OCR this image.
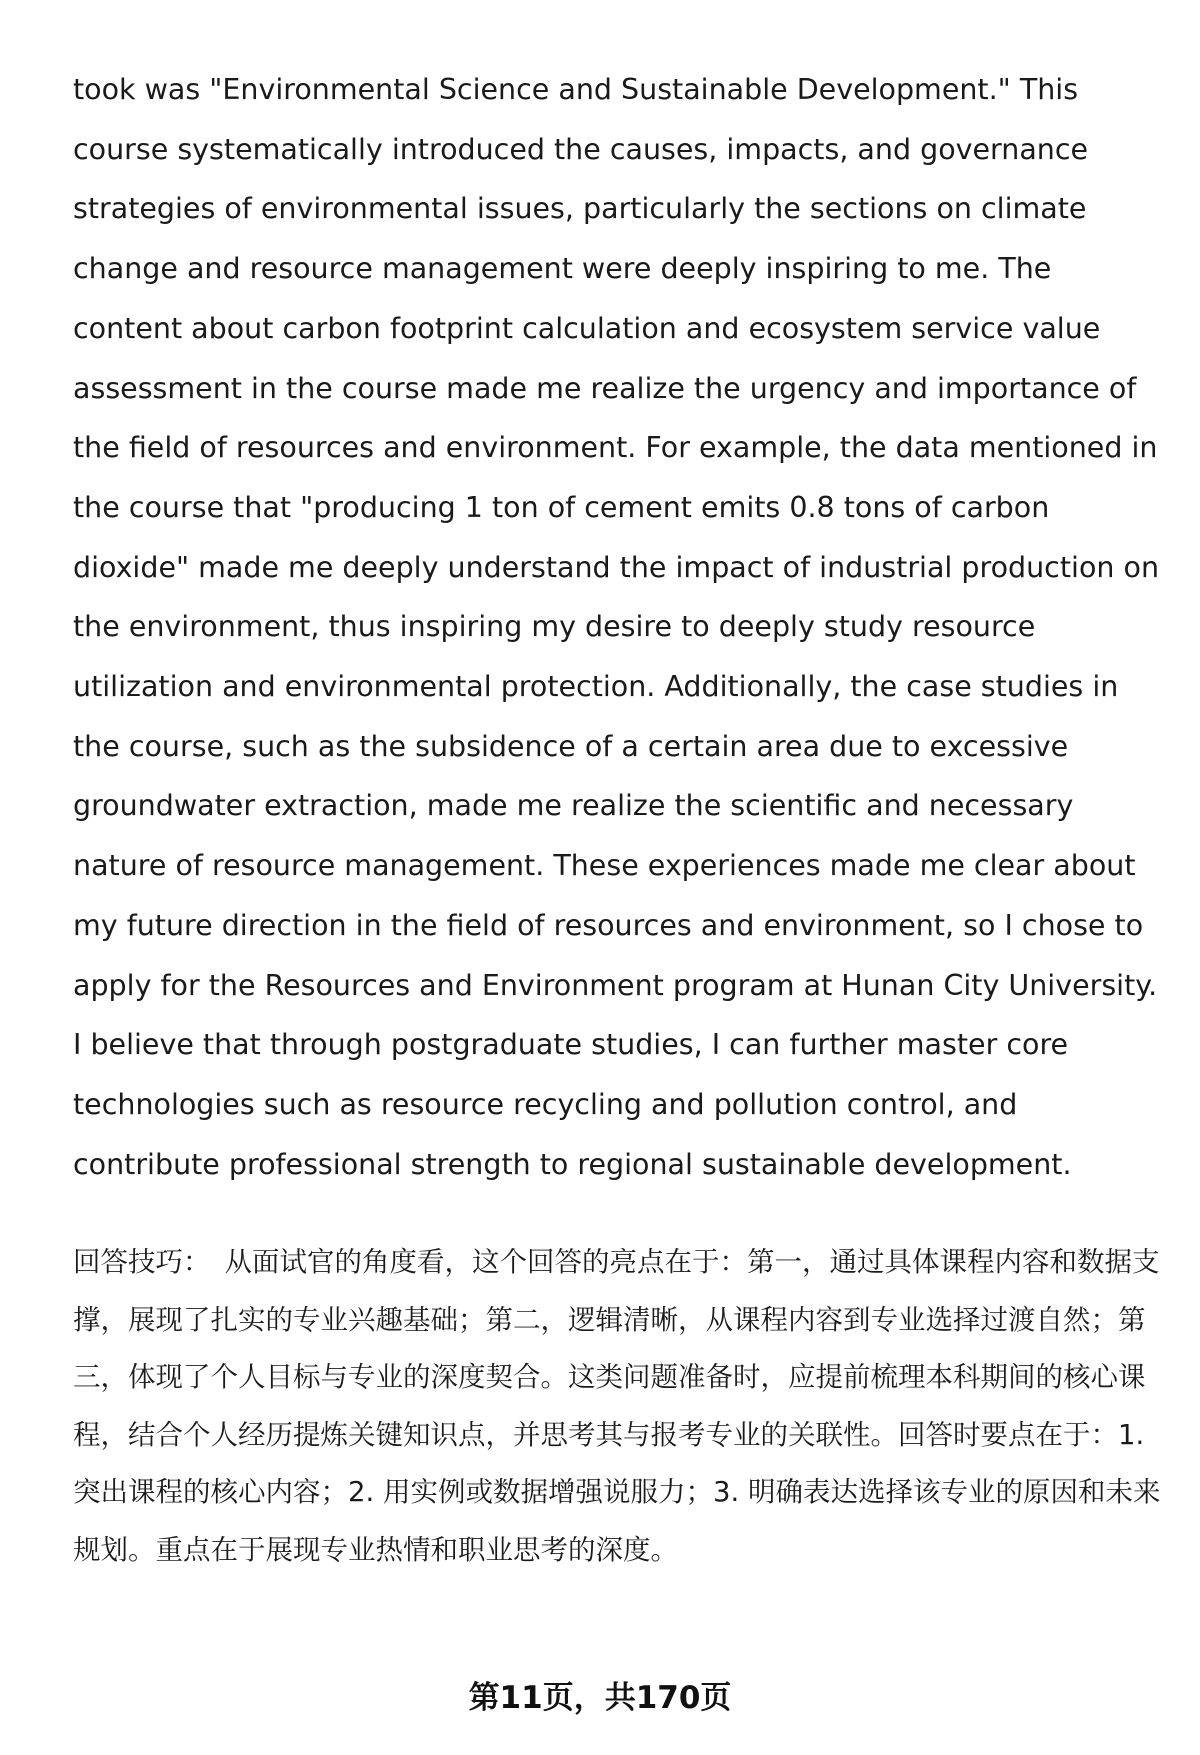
took was "Environmental Science and Sustainable Development." This course systematically introduced the causes, impacts, and governance strategies of environmental issues, particularly the sections on climate change and resource management were deeply inspiring to me. The content about carbon footprint calculation and ecosystem service value assessment in the course made me realize the urgency and importance of the field of resources and environment. For example, the data mentioned in the course that "producing 1 ton of cement emits 0.8 tons of carbon dioxide" made me deeply understand the impact of industrial production on the environment, thus inspiring my desire to deeply study resource utilization and environmental protection. Additionally, the case studies in the course, such as the subsidence of a certain area due to excessive groundwater extraction, made me realize the scientific and necessary nature of resource management. These experiences made me clear about my future direction in the field of resources and environment, so I chose to apply for the Resources and Environment program at Hunan City University. I believe that through postgraduate studies, I can further master core technologies such as resource recycling and pollution control, and contribute professional strength to regional sustainable development.

回答技巧： 从面试官的角度看，这个回答的亮点在于：第一，通过具体课程内容和数据支撑，展现了扎实的专业兴趣基础；第二，逻辑清晰，从课程内容到专业选择过渡自然；第三，体现了个人目标与专业的深度契合。这类问题准备时，应提前梳理本科期间的核心课程，结合个人经历提炼关键知识点，并思考其与报考专业的关联性。回答时要点在于：1. 突出课程的核心内容；2. 用实例或数据增强说服力；3. 明确表达选择该专业的原因和未来规划。重点在于展现专业热情和职业思考的深度。

第11页，共170页
